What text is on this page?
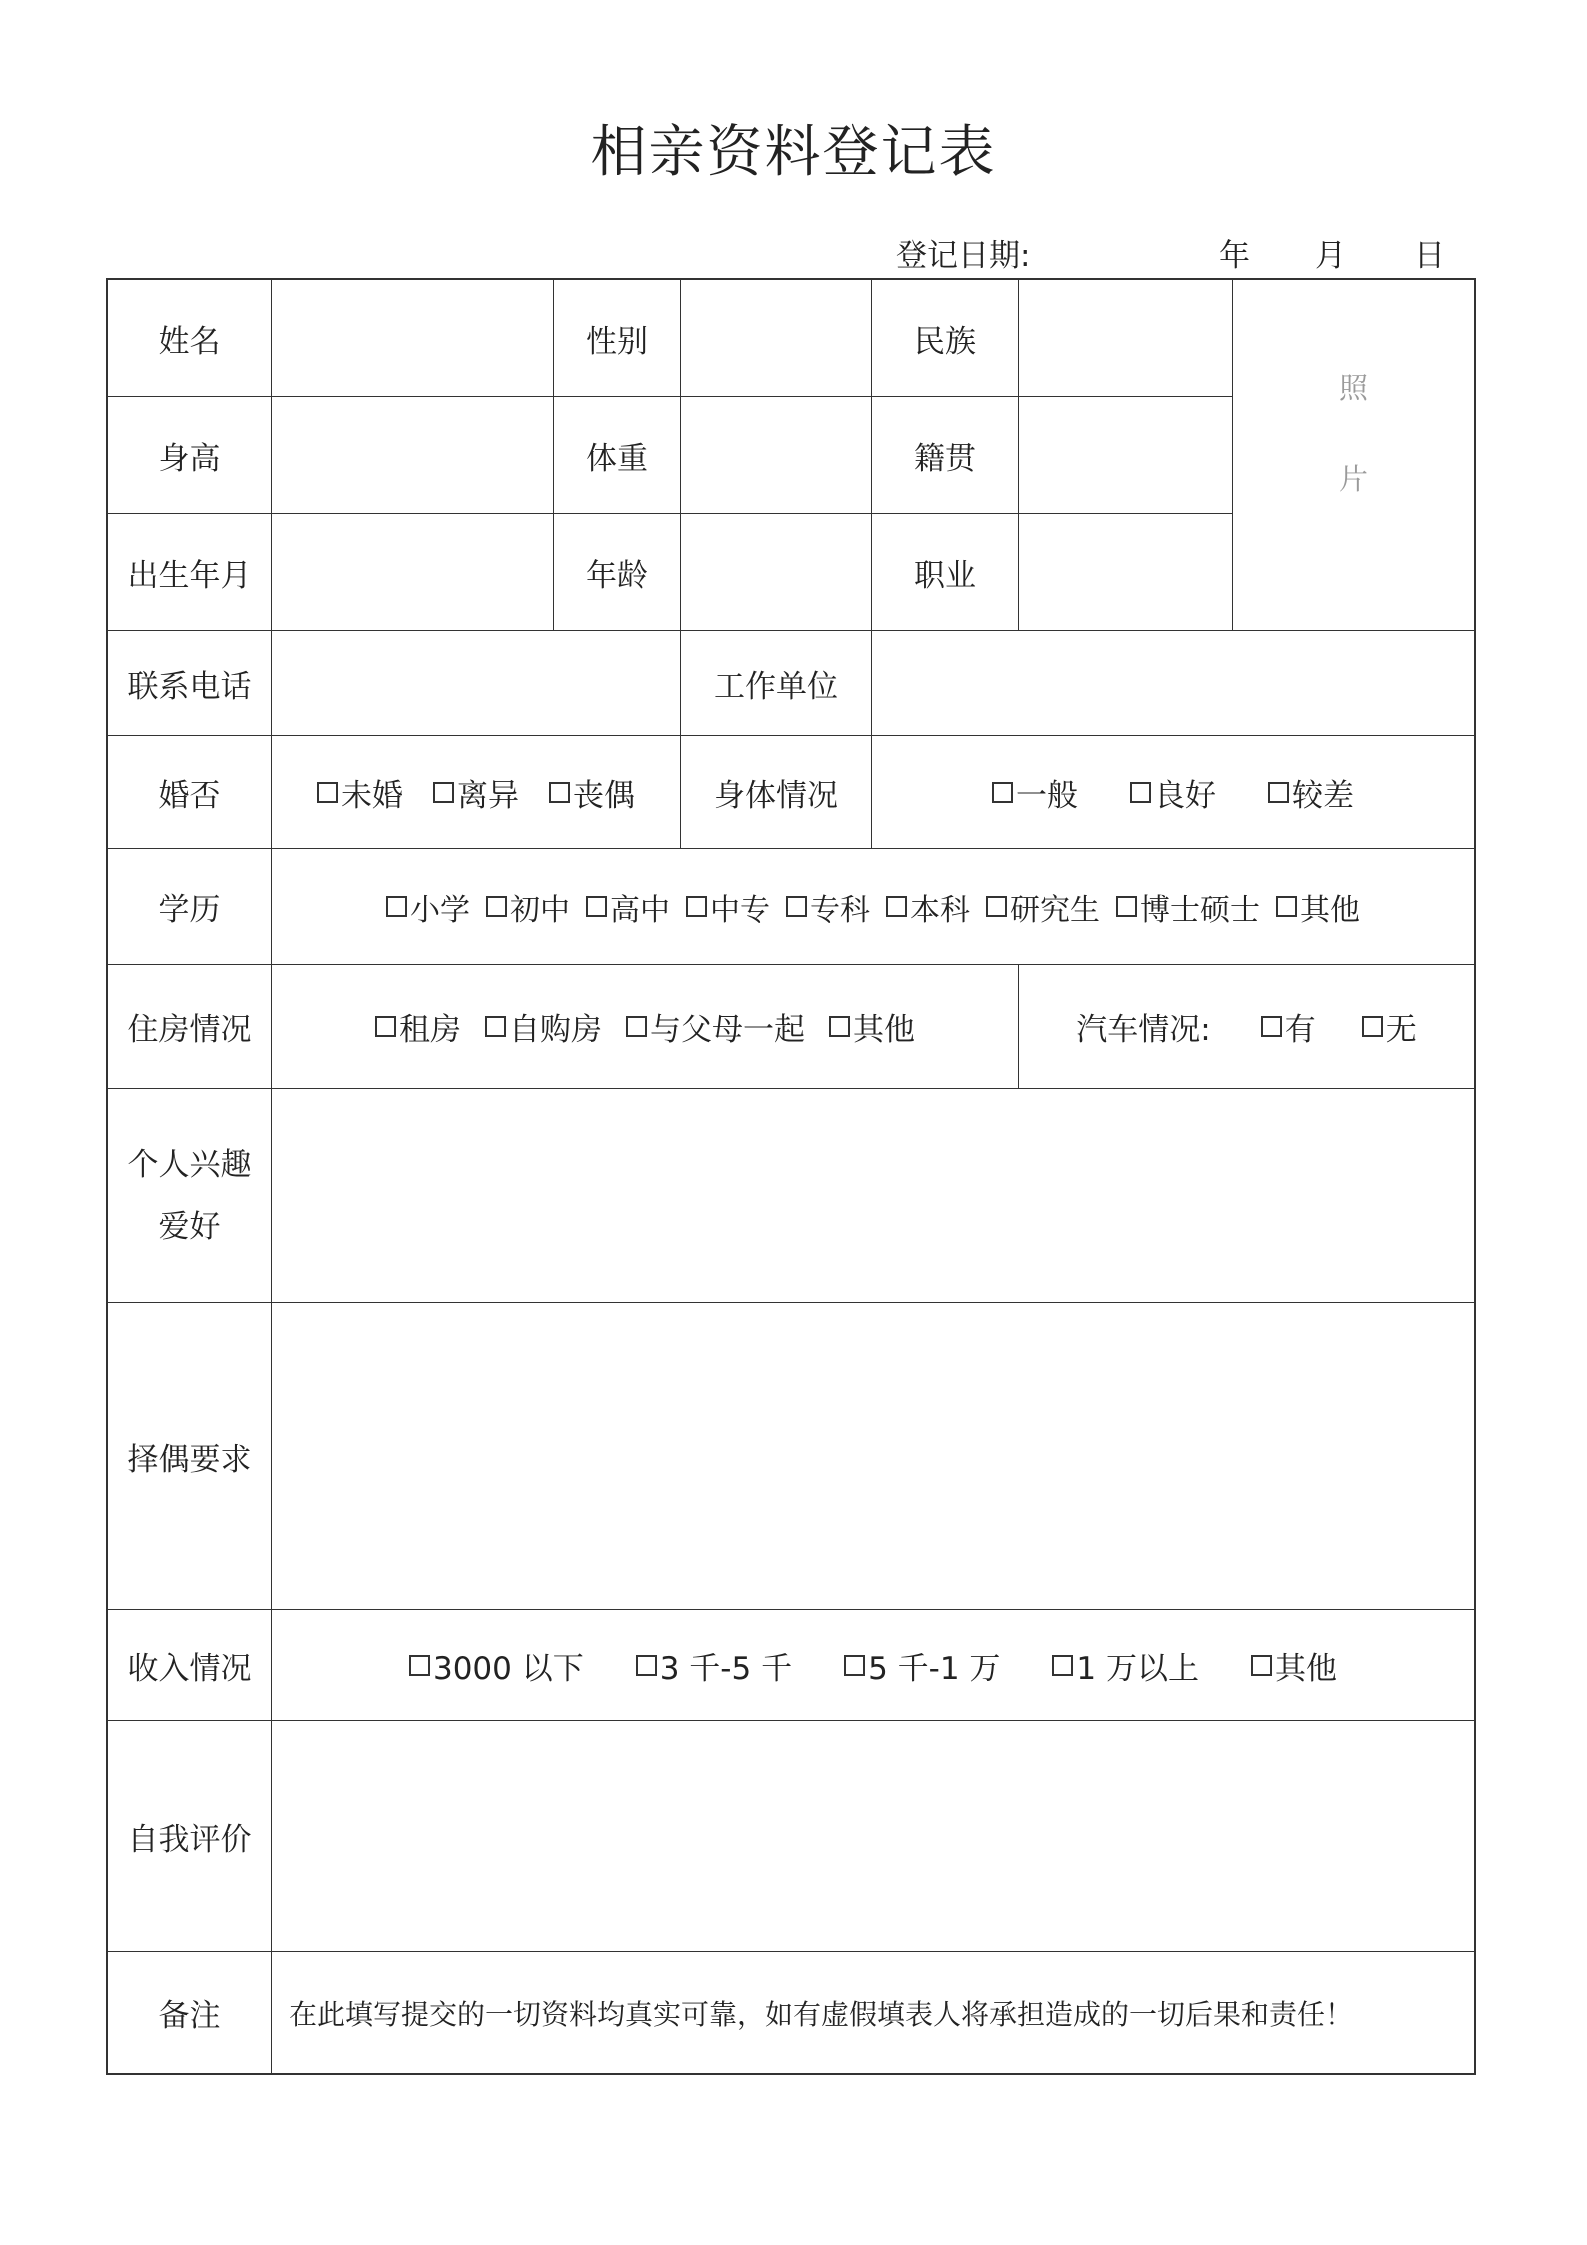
相亲资料登记表
登记日期:	年 月 日
姓名	性别	民族
照
片
身高	体重	籍贯
出生年月	年龄	职业
联系电话	工作单位
婚否	未婚 离异 丧偶	身体情况	一般 良好 较差
学历	小学 初中 高中 中专 专科 本科 研究生 博士硕士 其他
住房情况	租房 自购房 与父母一起 其他	汽车情况: 有 无
个人兴趣
爱好
择偶要求
收入情况	3000 以下 3 千-5 千 5 千-1 万 1 万以上 其他
自我评价
备注	在此填写提交的一切资料均真实可靠，如有虚假填表人将承担造成的一切后果和责任！
